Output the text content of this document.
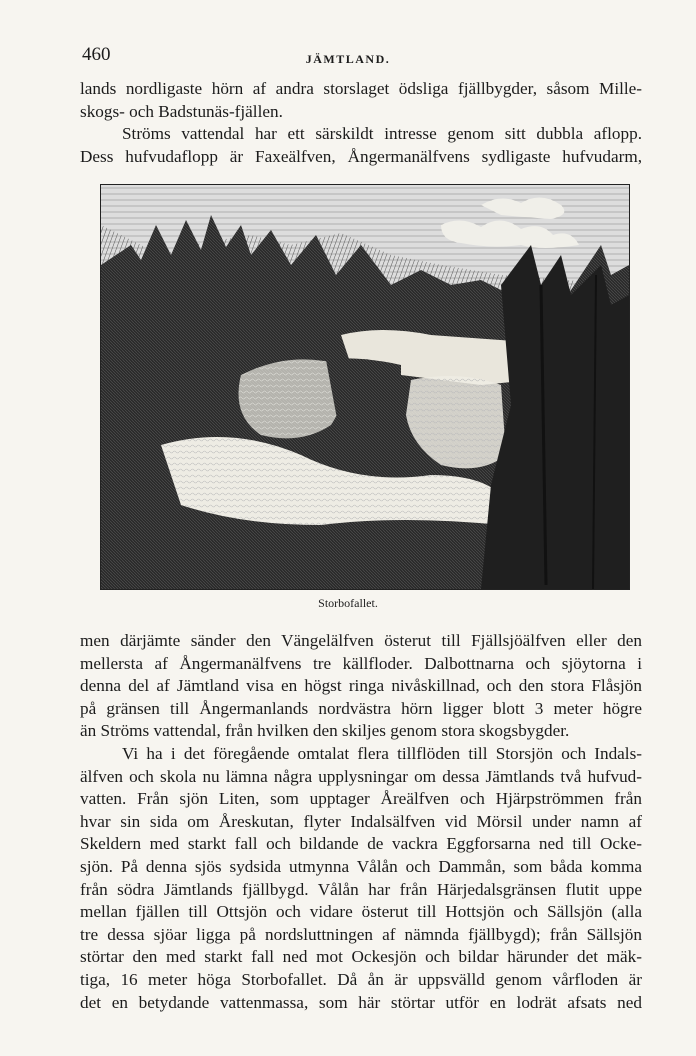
460	JÄMTLAND.
lands nordligaste hörn af andra storslaget ödsliga fjällbygder, såsom Mille-
skogs- och Badstunäs-fjällen.
Ströms vattendal har ett särskildt intresse genom sitt dubbla aflopp.
Dess hufvudaflopp är Faxeälfven, Ångermanälfvens sydligaste hufvudarm,
Storbofallet.
men därjämte sänder den Vängelälfven österut till Fjällsjöälfven eller den
mellersta af Ångermanälfvens tre källfloder. Dalbottnarna och sjöytorna i
denna del af Jämtland visa en högst ringa nivåskillnad, och den stora Flåsjön
på gränsen till Ångermanlands nordvästra hörn ligger blott 3 meter högre
än Ströms vattendal, från hvilken den skiljes genom stora skogsbygder.
Vi ha i det föregående omtalat flera tillflöden till Storsjön och Indals-
älfven och skola nu lämna några upplysningar om dessa Jämtlands två hufvud-
vatten. Från sjön Liten, som upptager Åreälfven och Hjärpströmmen från
hvar sin sida om Åreskutan, flyter Indalsälfven vid Mörsil under namn af
Skeldern med starkt fall och bildande de vackra Eggforsarna ned till Ocke-
sjön. På denna sjös sydsida utmynna Vålån och Dammån, som båda komma
från södra Jämtlands fjällbygd. Vålån har från Härjedalsgränsen flutit uppe
mellan fjällen till Ottsjön och vidare österut till Hottsjön och Sällsjön (alla
tre dessa sjöar ligga på nordsluttningen af nämnda fjällbygd); från Sällsjön
störtar den med starkt fall ned mot Ockesjön och bildar härunder det mäk-
tiga, 16 meter höga Storbofallet. Då ån är uppsvälld genom vårfloden är
det en betydande vattenmassa, som här störtar utför en lodrät afsats ned
